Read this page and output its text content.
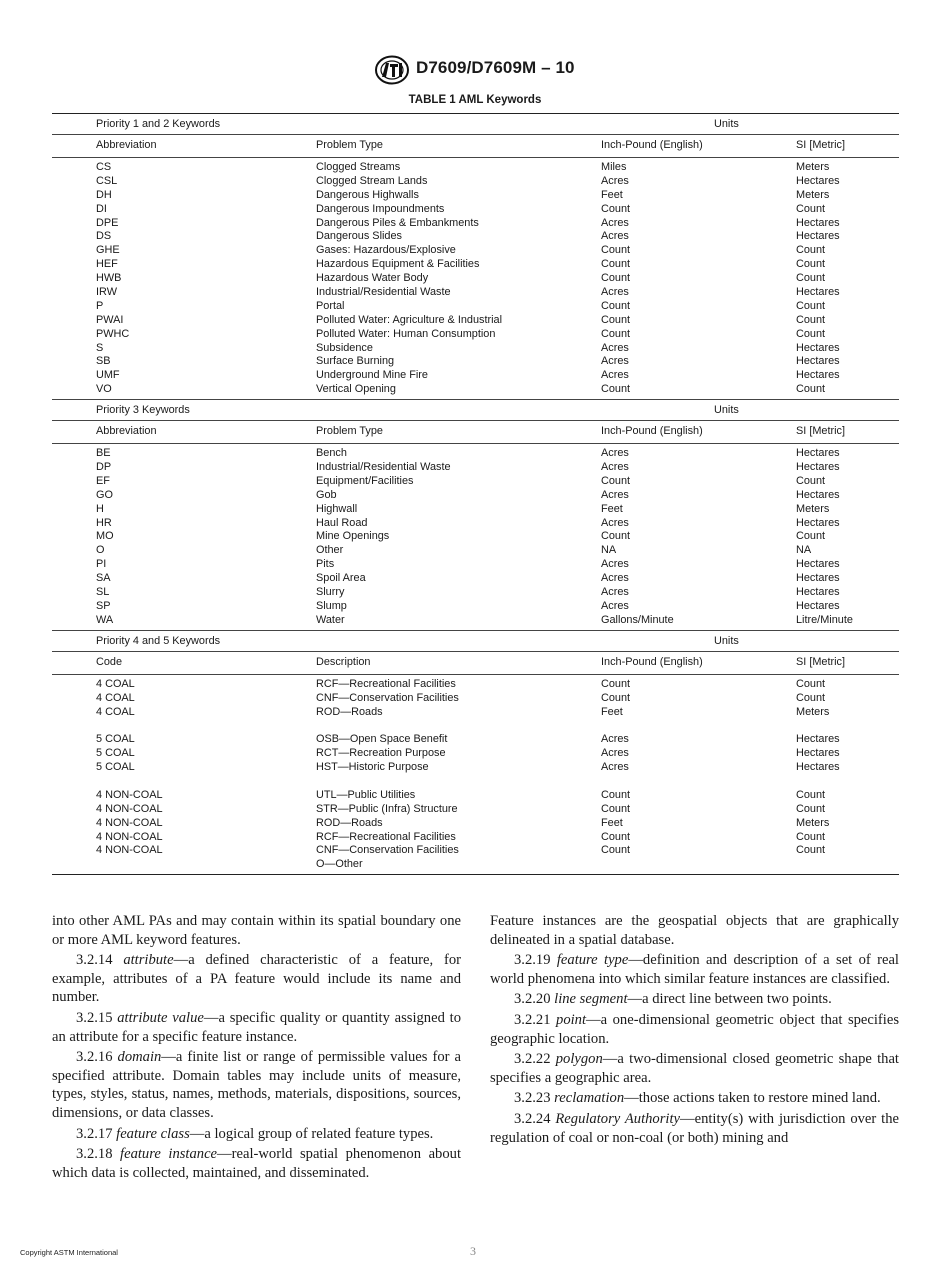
D7609/D7609M – 10
TABLE 1 AML Keywords
Priority 1 and 2 Keywords	Units
Abbreviation	Problem Type	Inch-Pound (English)	SI [Metric]
CS	Clogged Streams	Miles	Meters
CSL	Clogged Stream Lands	Acres	Hectares
DH	Dangerous Highwalls	Feet	Meters
DI	Dangerous Impoundments	Count	Count
DPE	Dangerous Piles & Embankments	Acres	Hectares
DS	Dangerous Slides	Acres	Hectares
GHE	Gases: Hazardous/Explosive	Count	Count
HEF	Hazardous Equipment & Facilities	Count	Count
HWB	Hazardous Water Body	Count	Count
IRW	Industrial/Residential Waste	Acres	Hectares
P	Portal	Count	Count
PWAI	Polluted Water: Agriculture & Industrial	Count	Count
PWHC	Polluted Water: Human Consumption	Count	Count
S	Subsidence	Acres	Hectares
SB	Surface Burning	Acres	Hectares
UMF	Underground Mine Fire	Acres	Hectares
VO	Vertical Opening	Count	Count
Priority 3 Keywords	Units
Abbreviation	Problem Type	Inch-Pound (English)	SI [Metric]
BE	Bench	Acres	Hectares
DP	Industrial/Residential Waste	Acres	Hectares
EF	Equipment/Facilities	Count	Count
GO	Gob	Acres	Hectares
H	Highwall	Feet	Meters
HR	Haul Road	Acres	Hectares
MO	Mine Openings	Count	Count
O	Other	NA	NA
PI	Pits	Acres	Hectares
SA	Spoil Area	Acres	Hectares
SL	Slurry	Acres	Hectares
SP	Slump	Acres	Hectares
WA	Water	Gallons/Minute	Litre/Minute
Priority 4 and 5 Keywords	Units
Code	Description	Inch-Pound (English)	SI [Metric]
4 COAL	RCF—Recreational Facilities	Count	Count
4 COAL	CNF—Conservation Facilities	Count	Count
4 COAL	ROD—Roads	Feet	Meters
5 COAL	OSB—Open Space Benefit	Acres	Hectares
5 COAL	RCT—Recreation Purpose	Acres	Hectares
5 COAL	HST—Historic Purpose	Acres	Hectares
4 NON-COAL	UTL—Public Utilities	Count	Count
4 NON-COAL	STR—Public (Infra) Structure	Count	Count
4 NON-COAL	ROD—Roads	Feet	Meters
4 NON-COAL	RCF—Recreational Facilities	Count	Count
4 NON-COAL	CNF—Conservation Facilities	Count	Count
O—Other

into other AML PAs and may contain within its spatial boundary one or more AML keyword features.

3.2.14 attribute—a defined characteristic of a feature, for example, attributes of a PA feature would include its name and number.

3.2.15 attribute value—a specific quality or quantity assigned to an attribute for a specific feature instance.

3.2.16 domain—a finite list or range of permissible values for a specified attribute. Domain tables may include units of measure, types, styles, status, names, methods, materials, dispositions, sources, dimensions, or data classes.

3.2.17 feature class—a logical group of related feature types.

3.2.18 feature instance—real-world spatial phenomenon about which data is collected, maintained, and disseminated.

Feature instances are the geospatial objects that are graphically delineated in a spatial database.

3.2.19 feature type—definition and description of a set of real world phenomena into which similar feature instances are classified.

3.2.20 line segment—a direct line between two points.

3.2.21 point—a one-dimensional geometric object that specifies geographic location.

3.2.22 polygon—a two-dimensional closed geometric shape that specifies a geographic area.

3.2.23 reclamation—those actions taken to restore mined land.

3.2.24 Regulatory Authority—entity(s) with jurisdiction over the regulation of coal or non-coal (or both) mining and

Copyright ASTM International	3
